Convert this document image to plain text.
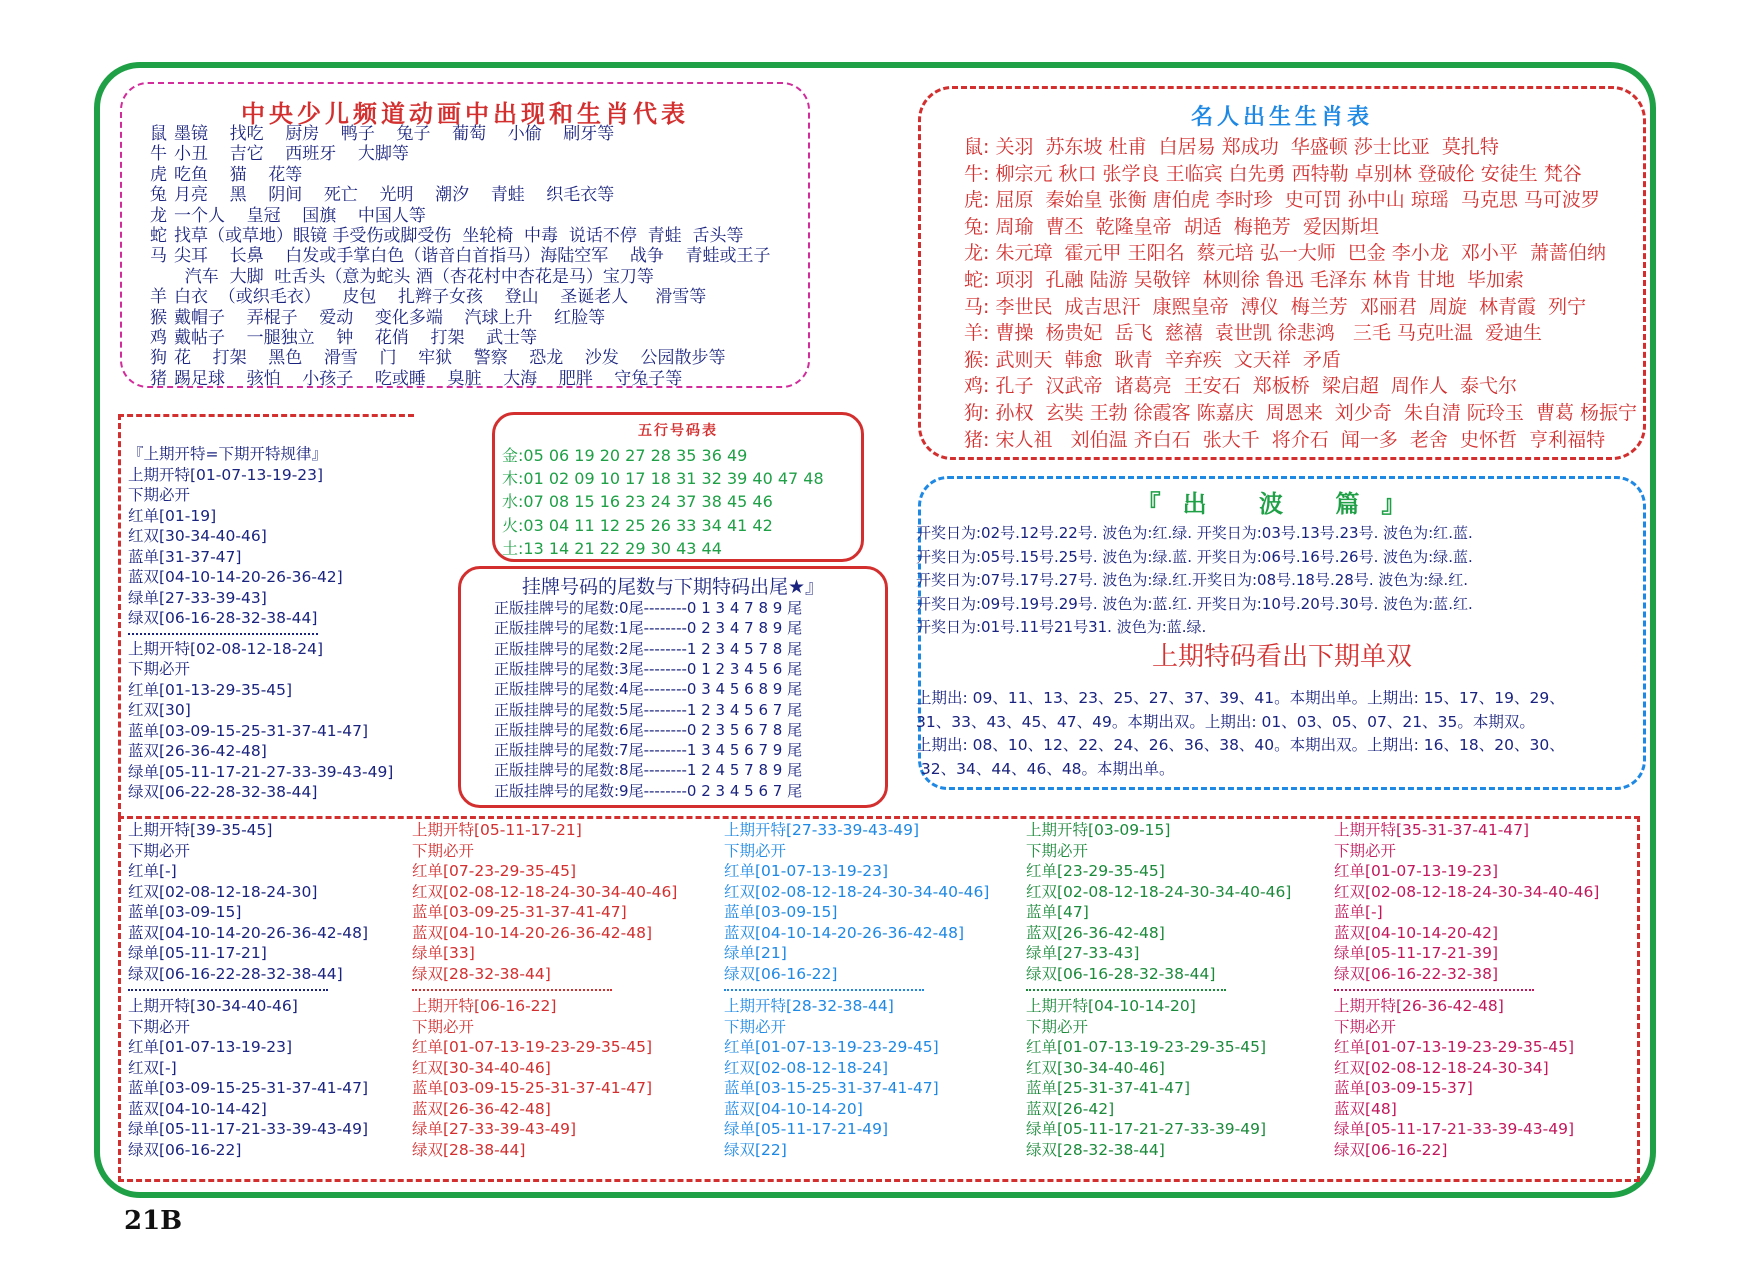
中央少儿频道动画中出现和生肖代表
鼠 墨镜    找吃    厨房    鸭子    兔子    葡萄    小偷    刷牙等
牛 小丑    吉它    西班牙    大脚等
虎 吃鱼    猫    花等
兔 月亮    黑    阴间    死亡    光明    潮汐    青蛙    织毛衣等
龙 一个人    皇冠    国旗    中国人等
蛇 找草（或草地）眼镜 手受伤或脚受伤  坐轮椅  中毒  说话不停  青蛙  舌头等
马 尖耳    长鼻    白发或手掌白色（谐音白首指马）海陆空军    战争    青蛙或王子
汽车  大脚  吐舌头（意为蛇头 酒（杏花村中杏花是马）宝刀等
羊 白衣  （或织毛衣）    皮包    扎辫子女孩    登山    圣诞老人     滑雪等
猴 戴帽子    弄棍子    爱动    变化多端    汽球上升    红脸等
鸡 戴帖子    一腿独立    钟    花俏    打架    武士等
狗 花    打架    黑色    滑雪    门    牢狱    警察    恐龙    沙发    公园散步等
猪 踢足球    骇怕    小孩子    吃或睡    臭脏    大海    肥胖    守兔子等
名人出生生肖表
鼠: 关羽  苏东坡 杜甫  白居易 郑成功  华盛顿 莎士比亚  莫扎特
牛: 柳宗元 秋口 张学良 王临宾 白先勇 西特勒 卓别林 登破伦 安徒生 梵谷
虎: 屈原  秦始皇 张衡 唐伯虎 李时珍  史可罚 孙中山 琼瑶  马克思 马可波罗
兔: 周瑜  曹丕  乾隆皇帝  胡适  梅艳芳  爱因斯坦
龙: 朱元璋  霍元甲 王阳名  蔡元培 弘一大师  巴金 李小龙  邓小平  萧蔷伯纳
蛇: 项羽  孔融 陆游 吴敬锌  林则徐 鲁迅 毛泽东 林肯 甘地  毕加索
马: 李世民  成吉思汗  康熙皇帝  溥仪  梅兰芳  邓丽君  周旋  林青霞  列宁
羊: 曹操  杨贵妃  岳飞  慈禧  袁世凯 徐悲鸿   三毛 马克吐温  爱迪生
猴: 武则天  韩愈  耿青  辛弃疾  文天祥  矛盾
鸡: 孔子  汉武帝  诸葛亮  王安石  郑板桥  梁启超  周作人  泰弋尔
狗: 孙权  玄奘 王勃 徐霞客 陈嘉庆  周恩来  刘少奇  朱自清 阮玲玉  曹葛 杨振宁
猪: 宋人祖   刘伯温 齐白石  张大千  将介石  闻一多  老舍  史怀哲  亨利福特
『出 波 篇』
开奖日为:02号.12号.22号. 波色为:红.绿. 开奖日为:03号.13号.23号. 波色为:红.蓝.
开奖日为:05号.15号.25号. 波色为:绿.蓝. 开奖日为:06号.16号.26号. 波色为:绿.蓝.
开奖日为:07号.17号.27号. 波色为:绿.红.开奖日为:08号.18号.28号. 波色为:绿.红.
开奖日为:09号.19号.29号. 波色为:蓝.红. 开奖日为:10号.20号.30号. 波色为:蓝.红.
开奖日为:01号.11号21号31. 波色为:蓝.绿.
上期特码看出下期单双
上期出: 09、11、13、23、25、27、37、39、41。本期出单。上期出: 15、17、19、29、
31、33、43、45、47、49。本期出双。上期出: 01、03、05、07、21、35。本期双。
上期出: 08、10、12、22、24、26、36、38、40。本期出双。上期出: 16、18、20、30、
32、34、44、46、48。本期出单。
五行号码表
金:05 06 19 20 27 28 35 36 49
木:01 02 09 10 17 18 31 32 39 40 47 48
水:07 08 15 16 23 24 37 38 45 46
火:03 04 11 12 25 26 33 34 41 42
土:13 14 21 22 29 30 43 44
挂牌号码的尾数与下期特码出尾★』
正版挂牌号的尾数:0尾--------0 1 3 4 7 8 9 尾
正版挂牌号的尾数:1尾--------0 2 3 4 7 8 9 尾
正版挂牌号的尾数:2尾--------1 2 3 4 5 7 8 尾
正版挂牌号的尾数:3尾--------0 1 2 3 4 5 6 尾
正版挂牌号的尾数:4尾--------0 3 4 5 6 8 9 尾
正版挂牌号的尾数:5尾--------1 2 3 4 5 6 7 尾
正版挂牌号的尾数:6尾--------0 2 3 5 6 7 8 尾
正版挂牌号的尾数:7尾--------1 3 4 5 6 7 9 尾
正版挂牌号的尾数:8尾--------1 2 4 5 7 8 9 尾
正版挂牌号的尾数:9尾--------0 2 3 4 5 6 7 尾
『上期开特=下期开特规律』
上期开特[01-07-13-19-23]
下期必开
红单[01-19]
红双[30-34-40-46]
蓝单[31-37-47]
蓝双[04-10-14-20-26-36-42]
绿单[27-33-39-43]
绿双[06-16-28-32-38-44]
上期开特[02-08-12-18-24]
下期必开
红单[01-13-29-35-45]
红双[30]
蓝单[03-09-15-25-31-37-41-47]
蓝双[26-36-42-48]
绿单[05-11-17-21-27-33-39-43-49]
绿双[06-22-28-32-38-44]
上期开特[39-35-45]
下期必开
红单[-]
红双[02-08-12-18-24-30]
蓝单[03-09-15]
蓝双[04-10-14-20-26-36-42-48]
绿单[05-11-17-21]
绿双[06-16-22-28-32-38-44]
上期开特[30-34-40-46]
下期必开
红单[01-07-13-19-23]
红双[-]
蓝单[03-09-15-25-31-37-41-47]
蓝双[04-10-14-42]
绿单[05-11-17-21-33-39-43-49]
绿双[06-16-22]
上期开特[05-11-17-21]
下期必开
红单[07-23-29-35-45]
红双[02-08-12-18-24-30-34-40-46]
蓝单[03-09-25-31-37-41-47]
蓝双[04-10-14-20-26-36-42-48]
绿单[33]
绿双[28-32-38-44]
上期开特[06-16-22]
下期必开
红单[01-07-13-19-23-29-35-45]
红双[30-34-40-46]
蓝单[03-09-15-25-31-37-41-47]
蓝双[26-36-42-48]
绿单[27-33-39-43-49]
绿双[28-38-44]
上期开特[27-33-39-43-49]
下期必开
红单[01-07-13-19-23]
红双[02-08-12-18-24-30-34-40-46]
蓝单[03-09-15]
蓝双[04-10-14-20-26-36-42-48]
绿单[21]
绿双[06-16-22]
上期开特[28-32-38-44]
下期必开
红单[01-07-13-19-23-29-45]
红双[02-08-12-18-24]
蓝单[03-15-25-31-37-41-47]
蓝双[04-10-14-20]
绿单[05-11-17-21-49]
绿双[22]
上期开特[03-09-15]
下期必开
红单[23-29-35-45]
红双[02-08-12-18-24-30-34-40-46]
蓝单[47]
蓝双[26-36-42-48]
绿单[27-33-43]
绿双[06-16-28-32-38-44]
上期开特[04-10-14-20]
下期必开
红单[01-07-13-19-23-29-35-45]
红双[30-34-40-46]
蓝单[25-31-37-41-47]
蓝双[26-42]
绿单[05-11-17-21-27-33-39-49]
绿双[28-32-38-44]
上期开特[35-31-37-41-47]
下期必开
红单[01-07-13-19-23]
红双[02-08-12-18-24-30-34-40-46]
蓝单[-]
蓝双[04-10-14-20-42]
绿单[05-11-17-21-39]
绿双[06-16-22-32-38]
上期开特[26-36-42-48]
下期必开
红单[01-07-13-19-23-29-35-45]
红双[02-08-12-18-24-30-34]
蓝单[03-09-15-37]
蓝双[48]
绿单[05-11-17-21-33-39-43-49]
绿双[06-16-22]
21B
